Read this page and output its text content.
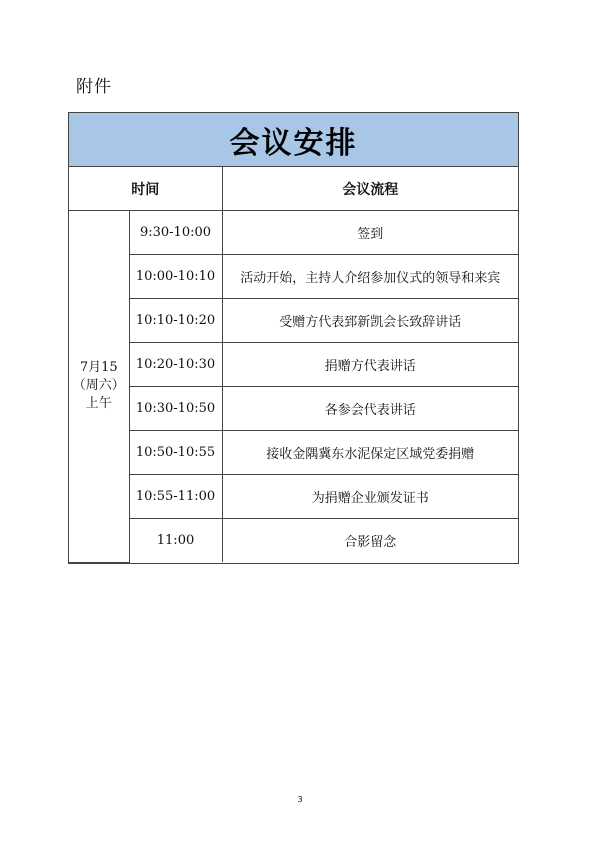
附件
会议安排
时间		会议流程

7月15
（周六）
上午	9:30-10:00	签到
	10:00-10:10	活动开始，主持人介绍参加仪式的领导和来宾
	10:10-10:20	受赠方代表郅新凯会长致辞讲话
	10:20-10:30	捐赠方代表讲话
	10:30-10:50	各参会代表讲话
	10:50-10:55	接收金隅冀东水泥保定区域党委捐赠
	10:55-11:00	为捐赠企业颁发证书
	11:00	合影留念
3
